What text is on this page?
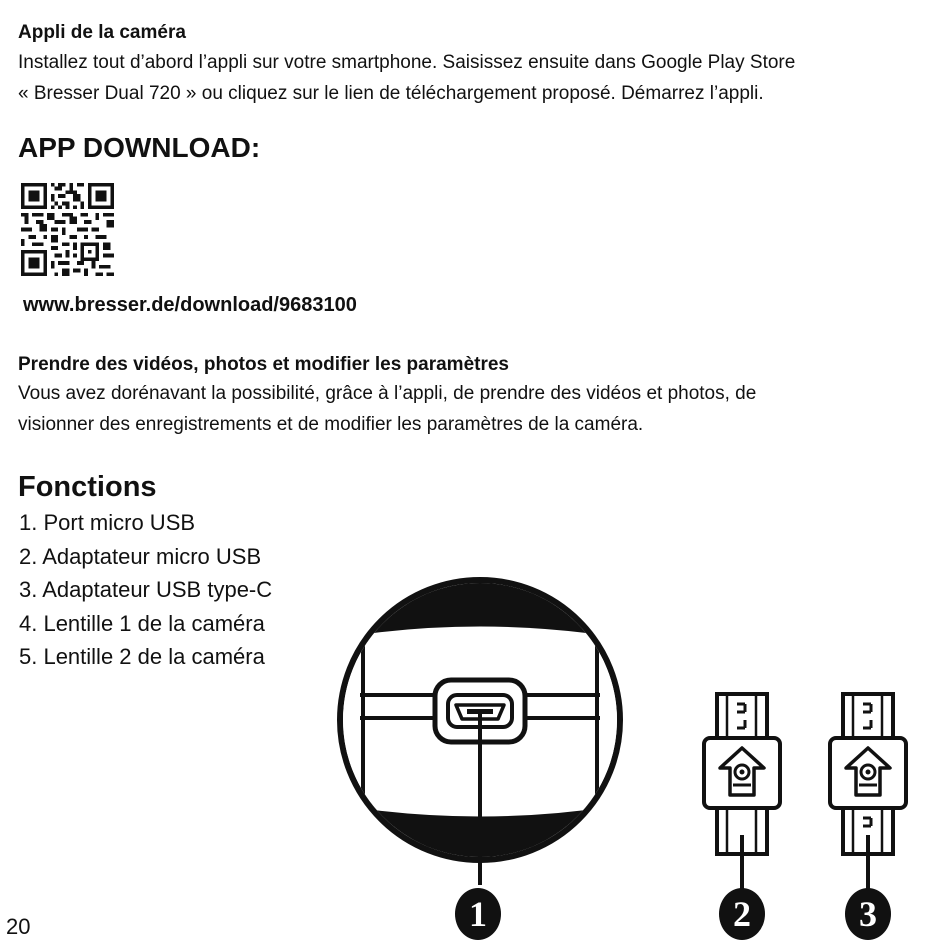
Appli de la caméra
Installez tout d’abord l’appli sur votre smartphone. Saisissez ensuite dans Google Play Store
« Bresser Dual 720 » ou cliquez sur le lien de téléchargement proposé. Démarrez l’appli.
APP DOWNLOAD:
www.bresser.de/download/9683100
Prendre des vidéos, photos et modifier les paramètres
Vous avez dorénavant la possibilité, grâce à l’appli, de prendre des vidéos et photos, de
visionner des enregistrements et de modifier les paramètres de la caméra.
Fonctions
1. Port micro USB
2. Adaptateur micro USB
3. Adaptateur USB type-C
4. Lentille 1 de la caméra
5. Lentille 2 de la caméra
1	2	3
20
